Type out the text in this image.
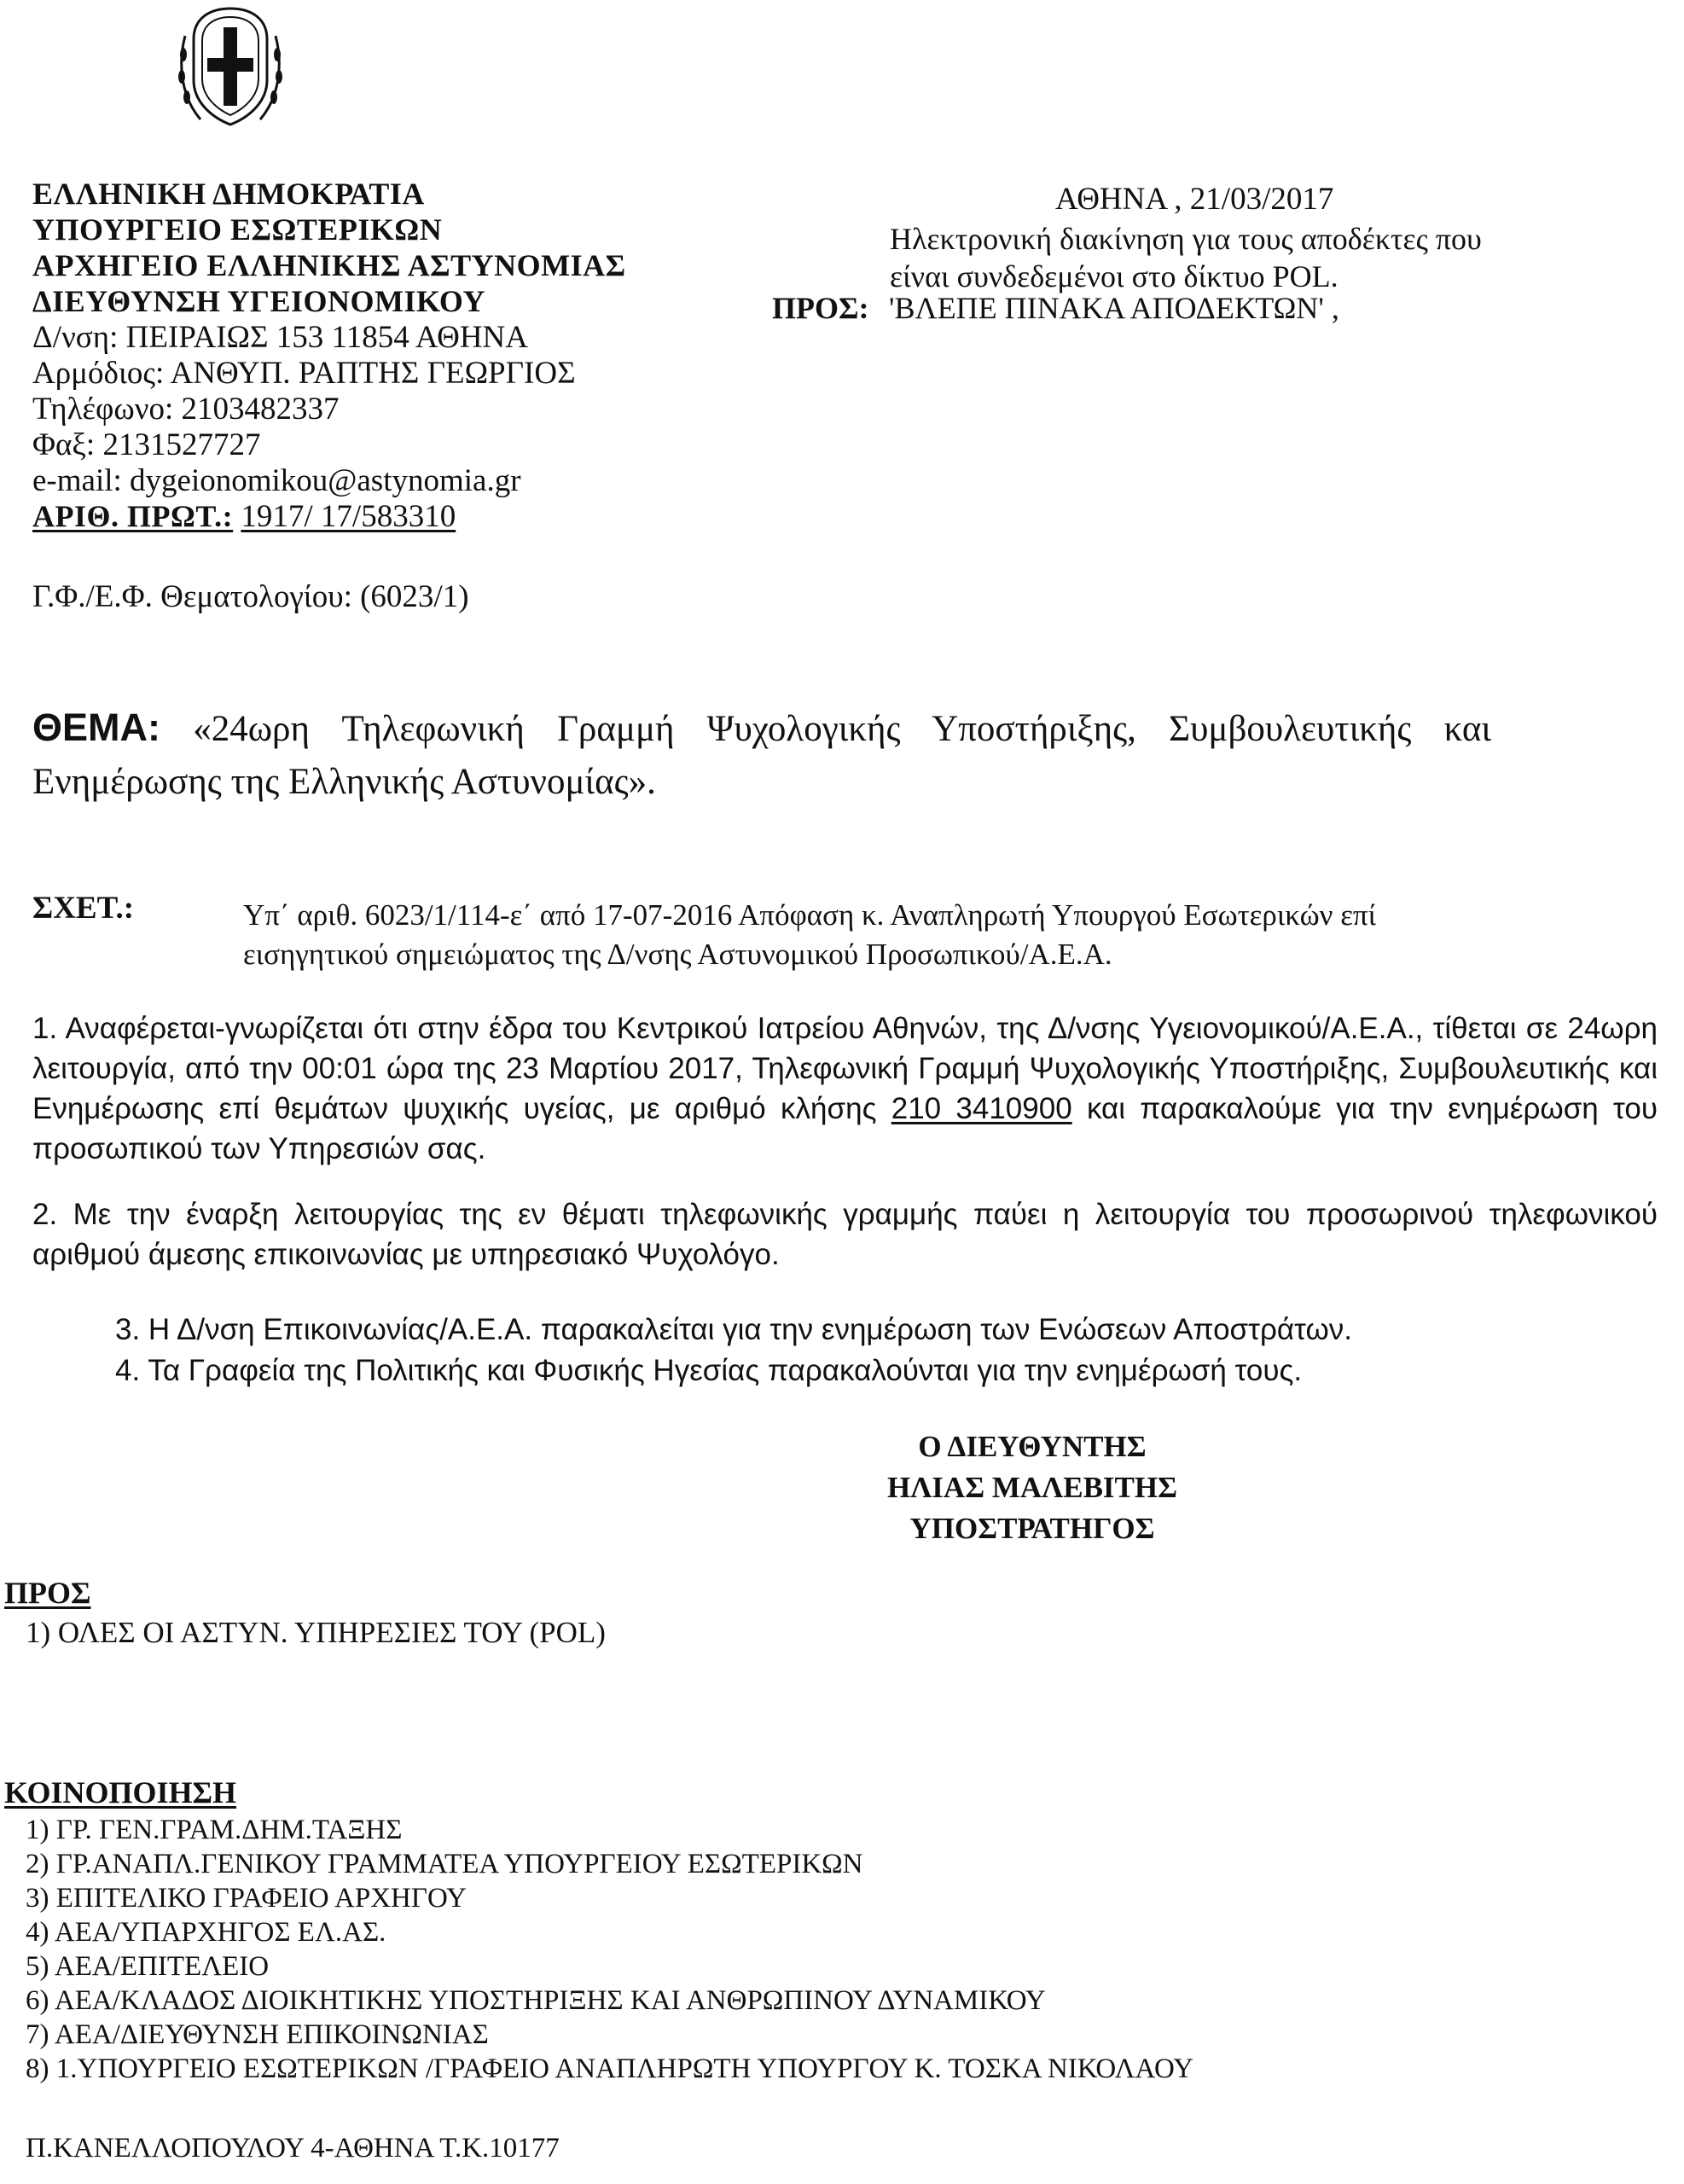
ΕΛΛΗΝΙΚΗ ΔΗΜΟΚΡΑΤΙΑ
ΥΠΟΥΡΓΕΙΟ ΕΣΩΤΕΡΙΚΩΝ
ΑΡΧΗΓΕΙΟ ΕΛΛΗΝΙΚΗΣ ΑΣΤΥΝΟΜΙΑΣ
ΔΙΕΥΘΥΝΣΗ ΥΓΕΙΟΝΟΜΙΚΟΥ
Δ/νση: ΠΕΙΡΑΙΩΣ 153 11854 ΑΘΗΝΑ
Αρμόδιος: ΑΝΘΥΠ. ΡΑΠΤΗΣ ΓΕΩΡΓΙΟΣ
Τηλέφωνο: 2103482337
Φαξ: 2131527727
e-mail: dygeionomikou@astynomia.gr
ΑΡΙΘ. ΠΡΩΤ.: 1917/ 17/583310
ΑΘΗΝΑ , 21/03/2017
Ηλεκτρονική διακίνηση για τους αποδέκτες που είναι συνδεδεμένοι στο δίκτυο POL.
ΠΡΟΣ: 'ΒΛΕΠΕ ΠΙΝΑΚΑ ΑΠΟΔΕΚΤΩΝ' ,
Γ.Φ./Ε.Φ. Θεματολογίου: (6023/1)
ΘΕΜΑ: «24ωρη Τηλεφωνική Γραμμή Ψυχολογικής Υποστήριξης, Συμβουλευτικής και Ενημέρωσης της Ελληνικής Αστυνομίας».
ΣΧΕΤ.:	Υπ΄ αριθ. 6023/1/114-ε΄ από 17-07-2016 Απόφαση κ. Αναπληρωτή Υπουργού Εσωτερικών επί εισηγητικού σημειώματος της Δ/νσης Αστυνομικού Προσωπικού/Α.Ε.Α.
1. Αναφέρεται-γνωρίζεται ότι στην έδρα του Κεντρικού Ιατρείου Αθηνών, της Δ/νσης Υγειονομικού/Α.Ε.Α., τίθεται σε 24ωρη λειτουργία, από την 00:01 ώρα της 23 Μαρτίου 2017, Τηλεφωνική Γραμμή Ψυχολογικής Υποστήριξης, Συμβουλευτικής και Ενημέρωσης επί θεμάτων ψυχικής υγείας, με αριθμό κλήσης 210 3410900 και παρακαλούμε για την ενημέρωση του προσωπικού των Υπηρεσιών σας.
2. Με την έναρξη λειτουργίας της εν θέματι τηλεφωνικής γραμμής παύει η λειτουργία του προσωρινού τηλεφωνικού αριθμού άμεσης επικοινωνίας με υπηρεσιακό Ψυχολόγο.
3. Η Δ/νση Επικοινωνίας/Α.Ε.Α. παρακαλείται για την ενημέρωση των Ενώσεων Αποστράτων.
4. Τα Γραφεία της Πολιτικής και Φυσικής Ηγεσίας παρακαλούνται για την ενημέρωσή τους.
Ο ΔΙΕΥΘΥΝΤΗΣ
ΗΛΙΑΣ ΜΑΛΕΒΙΤΗΣ
ΥΠΟΣΤΡΑΤΗΓΟΣ
ΠΡΟΣ
1) ΟΛΕΣ ΟΙ ΑΣΤΥΝ. ΥΠΗΡΕΣΙΕΣ ΤΟΥ (POL)
ΚΟΙΝΟΠΟΙΗΣΗ
1) ΓΡ. ΓΕΝ.ΓΡΑΜ.ΔΗΜ.ΤΑΞΗΣ
2) ΓΡ.ΑΝΑΠΛ.ΓΕΝΙΚΟΥ ΓΡΑΜΜΑΤΕΑ ΥΠΟΥΡΓΕΙΟΥ ΕΣΩΤΕΡΙΚΩΝ
3) ΕΠΙΤΕΛΙΚΟ ΓΡΑΦΕΙΟ ΑΡΧΗΓΟΥ
4) ΑΕΑ/ΥΠΑΡΧΗΓΟΣ ΕΛ.ΑΣ.
5) ΑΕΑ/ΕΠΙΤΕΛΕΙΟ
6) ΑΕΑ/ΚΛΑΔΟΣ ΔΙΟΙΚΗΤΙΚΗΣ ΥΠΟΣΤΗΡΙΞΗΣ ΚΑΙ ΑΝΘΡΩΠΙΝΟΥ ΔΥΝΑΜΙΚΟΥ
7) ΑΕΑ/ΔΙΕΥΘΥΝΣΗ ΕΠΙΚΟΙΝΩΝΙΑΣ
8) 1.ΥΠΟΥΡΓΕΙΟ ΕΣΩΤΕΡΙΚΩΝ /ΓΡΑΦΕΙΟ ΑΝΑΠΛΗΡΩΤΗ ΥΠΟΥΡΓΟΥ Κ. ΤΟΣΚΑ ΝΙΚΟΛΑΟΥ
Π.ΚΑΝΕΛΛΟΠΟΥΛΟΥ 4-ΑΘΗΝΑ Τ.Κ.10177
